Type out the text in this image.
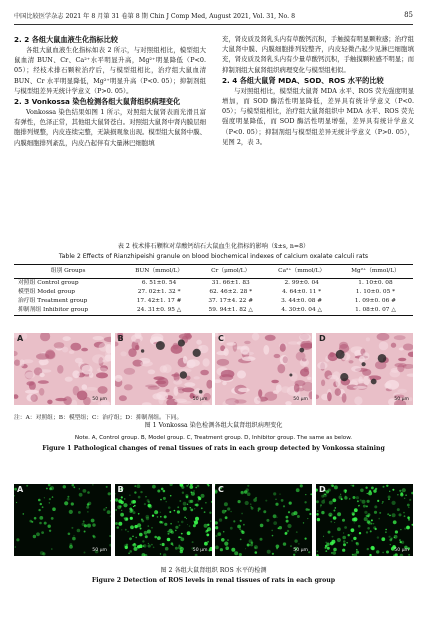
中国比较医学杂志 2021 年 8 月第 31 卷第 8 期 Chin J Comp Med, August 2021, Vol. 31, No. 8	85
2. 2 各组大鼠血液生化指标比较
各组大鼠血液生化指标如表 2 所示，与对照组相比，模型组大鼠血清 BUN、Cr、Ca²⁺水平明显升高，Mg²⁺明显降低（P<0. 05）；经枝术排石颗粒治疗后，与模型组相比，治疗组大鼠血清 BUN、Cr 水平明显降低，Mg²⁺明显升高（P<0. 05）；抑制剂组与模型组差异无统计学意义（P>0. 05）。
2. 3 Vonkossa 染色检测各组大鼠肾组织病理变化
Vonkossa 染色结果如图 1 所示，对照组大鼠肾表面光滑且富有弹性，色泽正常，其他组大鼠肾苍白。对照组大鼠肾中肾内膜层细胞排列规整，内皮连续完整，无缺损观象出现。模型组大鼠肾中膜、内膜细胞排列紊乱，内皮凸起伴有大量淋巴细胞填
充，肾皮质及肾乳头内有草酸钙沉积，手触摸有明显颗粒感；治疗组大鼠肾中膜、内膜细胞排列较整齐，内皮轻微凸起少见淋巴细胞填充，肾皮质及肾乳头内有少量草酸钙沉积，手触摸颗粒感不明显；而抑制剂组大鼠肾组织病理变化与模型组相似。
2. 4 各组大鼠肾 MDA、SOD、ROS 水平的比较
与对照组相比，模型组大鼠肾 MDA 水平、ROS 荧光强度明显增加，而 SOD 酶活性明显降低，差异具有统计学意义（P<0. 05）；与模型组相比，治疗组大鼠肾组织中 MDA 水平、ROS 荧光强度明显降低，而 SOD 酶活性明显增强，差异具有统计学意义（P<0. 05）；抑制剂组与模型组差异无统计学意义（P>0. 05），见图 2，表 3。
表 2 枝术排石颗粒对草酸钙结石大鼠血生化指标的影响（x̄±s, n=8）
Table 2 Effects of Rianzhipeishi granule on blood biochemical indexes of calcium oxalate calculi rats
组别 Groups	BUN（mmol/L）	Cr（μmol/L）	Ca²⁺（mmol/L）	Mg²⁺（mmol/L）
对照组 Control group	6. 51±0. 54	31. 66±1. 83	2. 99±0. 04	1. 10±0. 08
模型组 Model group	27. 02±1. 32 *	62. 46±2. 28 *	4. 64±0. 11 *	1. 10±0. 05 *
治疗组 Treatment group	17. 42±1. 17 #	37. 17±4. 22 #	3. 44±0. 08 #	1. 09±0. 06 #
抑制剂组 Inhibitor group	24. 31±0. 95 △	59. 94±1. 82 △	4. 30±0. 04 △	1. 08±0. 07 △
A
50 μm
B
50 μm
C
50 μm
D
50 μm
注：A：对照组；B：模型组；C：治疗组；D：抑制剂组。下同。
图 1 Vonkossa 染色检测各组大鼠肾组织病理变化
Note. A, Control group. B, Model group. C, Treatment group. D, Inhibitor group. The same as below.
Figure 1 Pathological changes of renal tissues of rats in each group detected by Vonkossa staining
A
50 μm
B
50 μm
C
50 μm
D
50 μm
图 2 各组大鼠肾组织 ROS 水平的检测
Figure 2 Detection of ROS levels in renal tissues of rats in each group
